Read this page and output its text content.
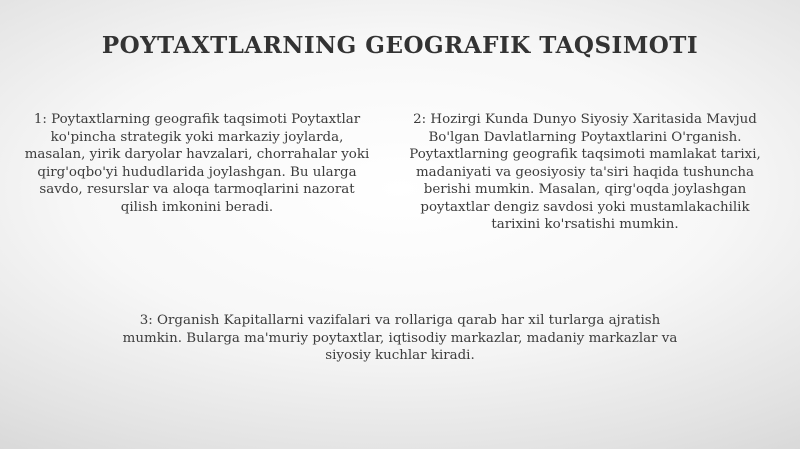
POYTAXTLARNING GEOGRAFIK TAQSIMOTI

1: Poytaxtlarning geografik taqsimoti Poytaxtlar ko'pincha strategik yoki markaziy joylarda, masalan, yirik daryolar havzalari, chorrahalar yoki qirg'oqbo'yi hududlarida joylashgan. Bu ularga savdo, resurslar va aloqa tarmoqlarini nazorat qilish imkonini beradi.

2: Hozirgi Kunda Dunyo Siyosiy Xaritasida Mavjud Bo'lgan Davlatlarning Poytaxtlarini O'rganish. Poytaxtlarning geografik taqsimoti mamlakat tarixi, madaniyati va geosiyosiy ta'siri haqida tushuncha berishi mumkin. Masalan, qirg'oqda joylashgan poytaxtlar dengiz savdosi yoki mustamlakachilik tarixini ko'rsatishi mumkin.

3: Organish Kapitallarni vazifalari va rollariga qarab har xil turlarga ajratish mumkin. Bularga ma'muriy poytaxtlar, iqtisodiy markazlar, madaniy markazlar va siyosiy kuchlar kiradi.
